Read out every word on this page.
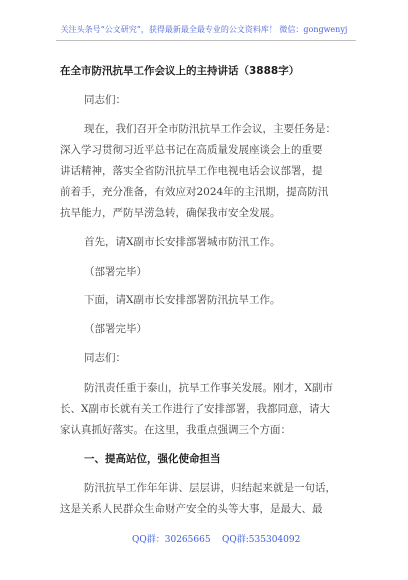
关注头条号“公文研究”，获得最新最全最专业的公文资料库！ 微信：gongwenyj
在全市防汛抗旱工作会议上的主持讲话（3888字）
同志们：
现在，我们召开全市防汛抗旱工作会议，主要任务是：
深入学习贯彻习近平总书记在高质量发展座谈会上的重要
讲话精神，落实全省防汛抗旱工作电视电话会议部署，提
前着手，充分准备，有效应对2024年的主汛期，提高防汛
抗旱能力，严防旱涝急转，确保我市安全发展。
首先，请X副市长安排部署城市防汛工作。
（部署完毕）
下面，请X副市长安排部署防汛抗旱工作。
（部署完毕）
同志们：
防汛责任重于泰山，抗旱工作事关发展。刚才，X副市
长、X副市长就有关工作进行了安排部署，我都同意，请大
家认真抓好落实。在这里，我重点强调三个方面：
一、提高站位，强化使命担当
防汛抗旱工作年年讲、层层讲，归结起来就是一句话，
这是关系人民群众生命财产安全的头等大事，是最大、最
QQ群：30265665 QQ群:535304092
